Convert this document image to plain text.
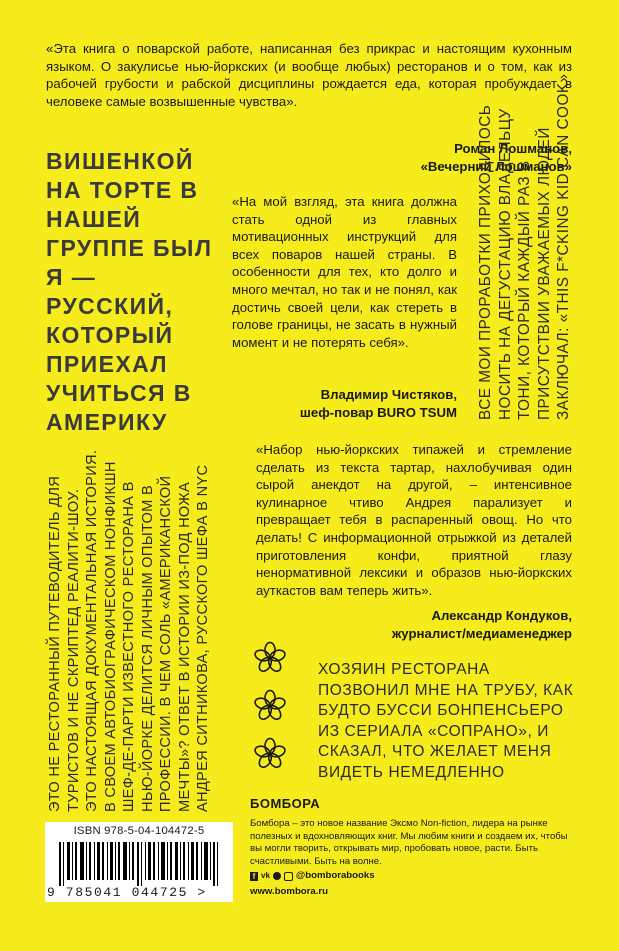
«Эта книга о поварской работе, написанная без прикрас и настоящим кухонным языком. О закулисье нью-йоркских (и вообще любых) ресторанов и о том, как из рабочей грубости и рабской дисциплины рождается еда, которая пробуждает в человеке самые возвышенные чувства».
Роман Лошманов,
«Вечерний Лошманов»
ВИШЕНКОЙ НА ТОРТЕ В НАШЕЙ ГРУППЕ БЫЛ Я — РУССКИЙ, КОТОРЫЙ ПРИЕХАЛ УЧИТЬСЯ В АМЕРИКУ
«На мой взгляд, эта книга должна стать одной из главных мотивационных инструкций для всех поваров нашей страны. В особенности для тех, кто долго и много мечтал, но так и не понял, как достичь своей цели, как стереть в голове границы, не засать в нужный момент и не потерять себя».
Владимир Чистяков,
шеф-повар BURO TSUM ВСЕ МОИ ПРОРАБОТКИ ПРИХОДИЛОСЬ НОСИТЬ НА ДЕГУСТАЦИЮ ВЛАДЕЛЬЦУ ТОНИ, КОТОРЫЙ КАЖДЫЙ РАЗ В ПРИСУТСТВИИ УВАЖАЕМЫХ ЛЮДЕЙ ЗАКЛЮЧАЛ: «THIS F*CKING KID CAN COOK»
ЭТО НЕ РЕСТОРАННЫЙ ПУТЕВОДИТЕЛЬ ДЛЯ ТУРИСТОВ И НЕ СКРИПТЕД РЕАЛИТИ-ШОУ. ЭТО НАСТОЯЩАЯ ДОКУМЕНТАЛЬНАЯ ИСТОРИЯ. В СВОЕМ АВТОБИОГРАФИЧЕСКОМ НОНФИКШН ШЕФ-ДЕ-ПАРТИ ИЗВЕСТНОГО РЕСТОРАНА В НЬЮ-ЙОРКЕ ДЕЛИТСЯ ЛИЧНЫМ ОПЫТОМ В ПРОФЕССИИ. В ЧЕМ СОЛЬ «АМЕРИКАНСКОЙ МЕЧТЫ»? ОТВЕТ В ИСТОРИИ ИЗ-ПОД НОЖА АНДРЕЯ СИТНИКОВА, РУССКОГО ШЕФА В NYC
«Набор нью-йоркских типажей и стремление сделать из текста тартар, нахлобучивая один сырой анекдот на другой, – интенсивное кулинарное чтиво Андрея парализует и превращает тебя в распаренный овощ. Но что делать! С информационной отрыжкой из деталей приготовления конфи, приятной глазу ненормативной лексики и образов нью-йоркских ауткастов вам теперь жить».
Александр Кондуков,
журналист/медиаменеджер
ХОЗЯИН РЕСТОРАНА ПОЗВОНИЛ МНЕ НА ТРУБУ, КАК БУДТО БУССИ БОНПЕНСЬЕРО ИЗ СЕРИАЛА «СОПРАНО», И СКАЗАЛ, ЧТО ЖЕЛАЕТ МЕНЯ ВИДЕТЬ НЕМЕДЛЕННО
ISBN 978-5-04-104472-5
9 785041 044725 >
БОМБОРА
Бомбора – это новое название Эксмо Non-fiction, лидера на рынке полезных и вдохновляющих книг. Мы любим книги и создаем их, чтобы вы могли творить, открывать мир, пробовать новое, расти. Быть счастливыми. Быть на волне.
f vk	@bomborabooks
www.bombora.ru
